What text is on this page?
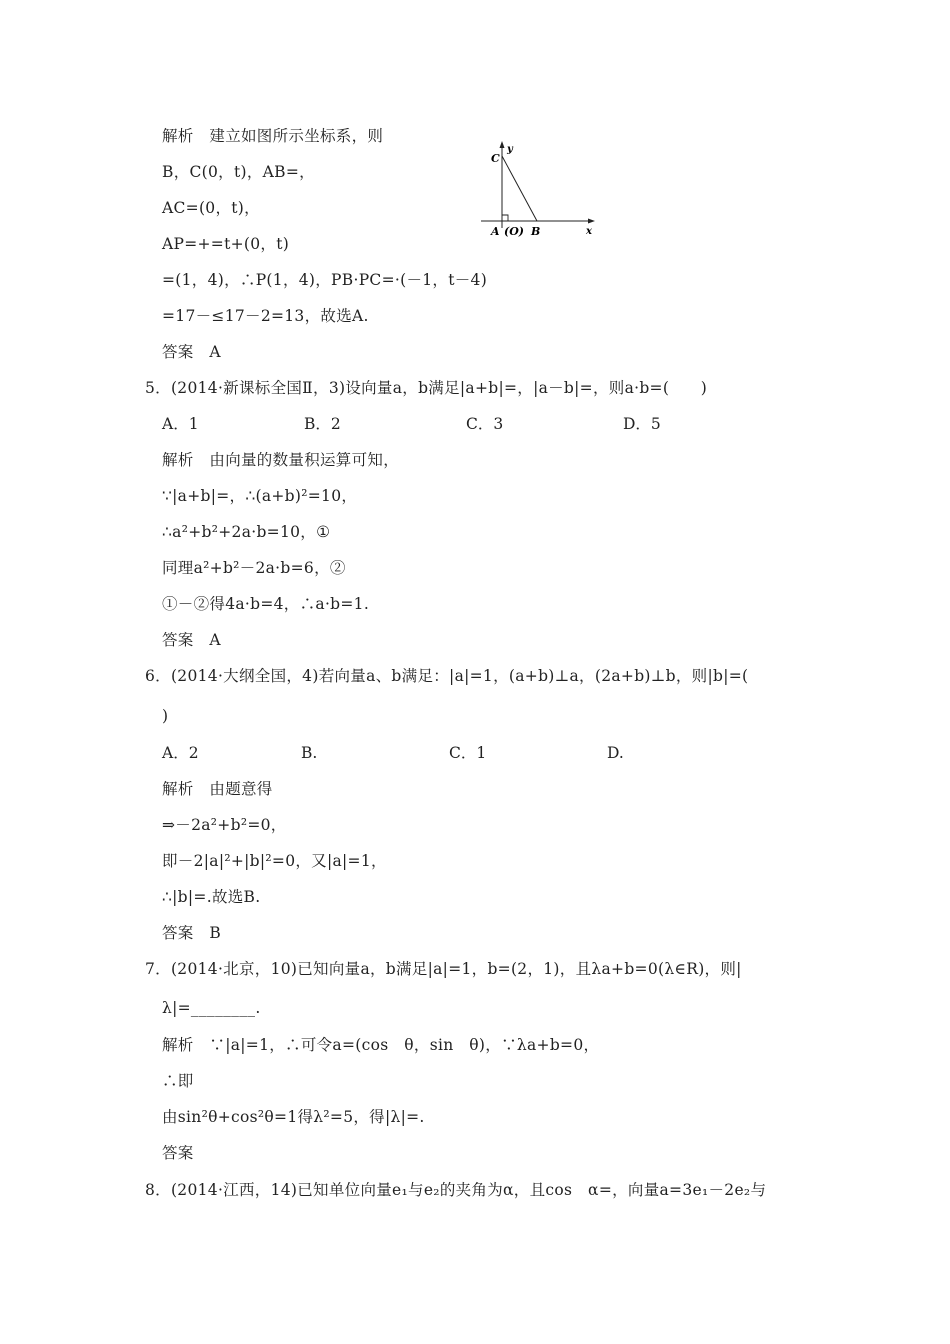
解析　建立如图所示坐标系，则
B，C(0，t)，AB=，
AC=(0，t)，
AP=+=t+(0，t)
=(1，4)，∴P(1，4)，PB·PC=·(－1，t－4)
=17－≤17－2=13，故选A.
答案　A
C
y
A (O) B	x
5．(2014·新课标全国Ⅱ，3)设向量a，b满足|a+b|=，|a－b|=，则a·b=(　　)
A．1	B．2	C．3	D．5
解析　由向量的数量积运算可知，
∵|a+b|=，∴(a+b)²=10，
∴a²+b²+2a·b=10，①
同理a²+b²－2a·b=6，②
①－②得4a·b=4，∴a·b=1.
答案　A
6．(2014·大纲全国，4)若向量a、b满足：|a|=1，(a+b)⊥a，(2a+b)⊥b，则|b|=(
)
A．2	B.	C．1	D.
解析　由题意得
⇒－2a²+b²=0，
即－2|a|²+|b|²=0，又|a|=1，
∴|b|=.故选B.
答案　B
7．(2014·北京，10)已知向量a，b满足|a|=1，b=(2，1)，且λa+b=0(λ∈R)，则|
λ|=________.
解析　∵|a|=1，∴可令a=(cos　θ，sin　θ)，∵λa+b=0，
∴即
由sin²θ+cos²θ=1得λ²=5，得|λ|=.
答案
8．(2014·江西，14)已知单位向量e₁与e₂的夹角为α，且cos　α=，向量a=3e₁－2e₂与
